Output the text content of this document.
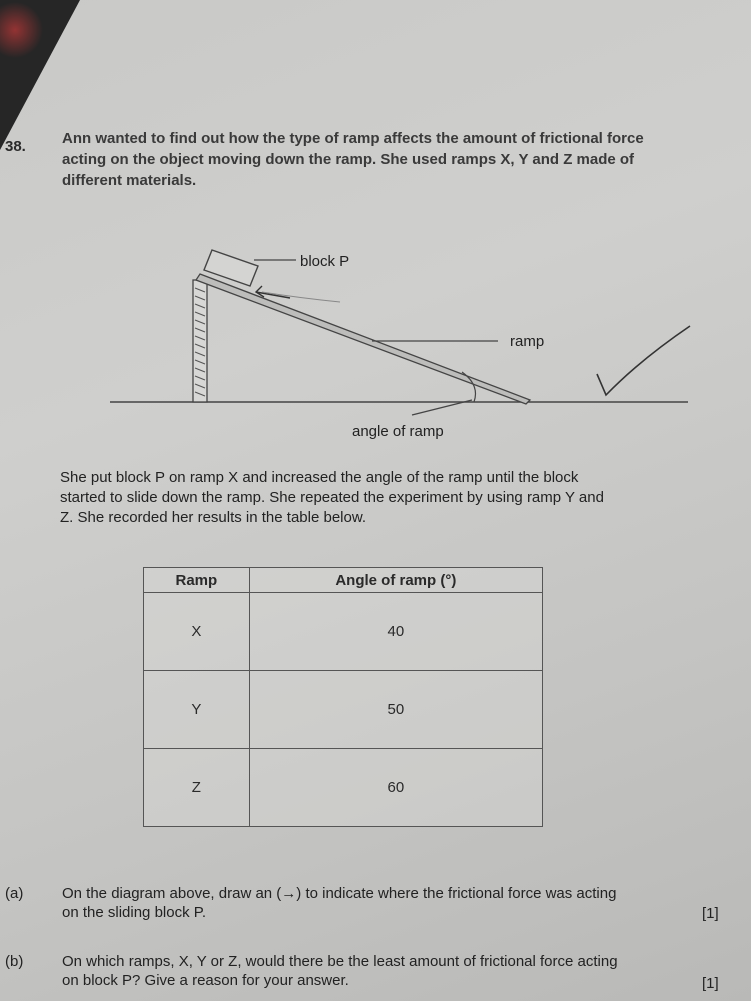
38. Ann wanted to find out how the type of ramp affects the amount of frictional force
acting on the object moving down the ramp. She used ramps X, Y and Z made of
different materials.
block P
ramp
angle of ramp
She put block P on ramp X and increased the angle of the ramp until the block
started to slide down the ramp. She repeated the experiment by using ramp Y and
Z. She recorded her results in the table below.
Ramp	Angle of ramp (°)
X	40
Y	50
Z	60
(a)	On the diagram above, draw an (→) to indicate where the frictional force was acting
on the sliding block P.	[1]
(b)	On which ramps, X, Y or Z, would there be the least amount of frictional force acting
on block P? Give a reason for your answer.	[1]
